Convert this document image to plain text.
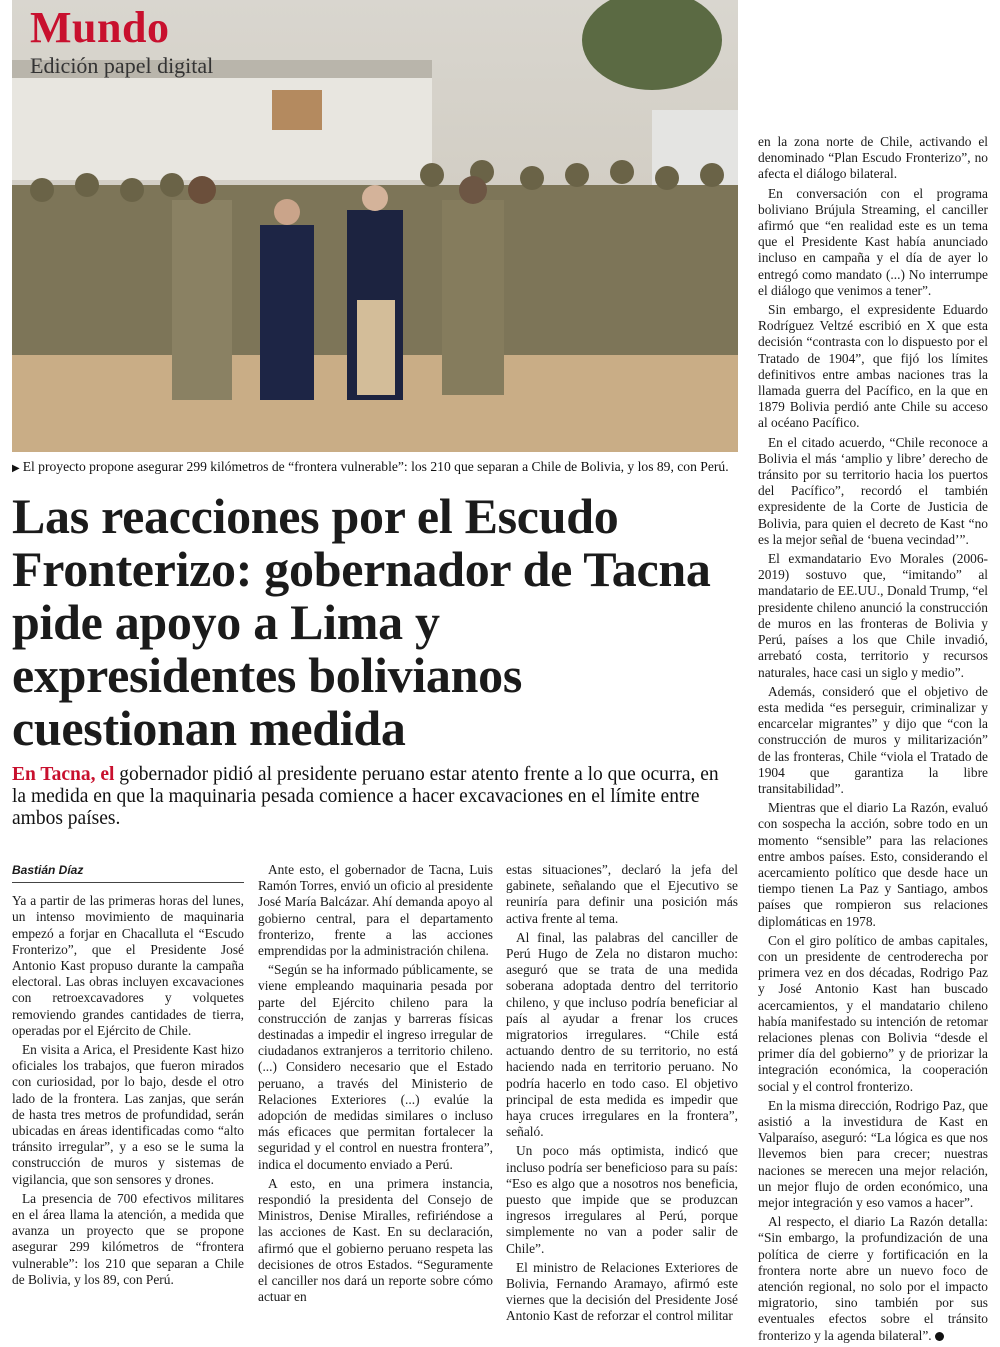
Mundo
Edición papel digital
▶ El proyecto propone asegurar 299 kilómetros de “frontera vulnerable”: los 210 que separan a Chile de Bolivia, y los 89, con Perú.
Las reacciones por el Escudo Fronterizo: gobernador de Tacna pide apoyo a Lima y expresidentes bolivianos cuestionan medida
En Tacna, el gobernador pidió al presidente peruano estar atento frente a lo que ocurra, en la medida en que la maquinaria pesada comience a hacer excavaciones en el límite entre ambos países.
Bastián Díaz

Ya a partir de las primeras horas del lunes, un intenso movimiento de maquinaria empezó a forjar en Chacalluta el “Escudo Fronterizo”, que el Presidente José Antonio Kast propuso durante la campaña electoral. Las obras incluyen excavaciones con retroexcavadores y volquetes removiendo grandes cantidades de tierra, operadas por el Ejército de Chile.

En visita a Arica, el Presidente Kast hizo oficiales los trabajos, que fueron mirados con curiosidad, por lo bajo, desde el otro lado de la frontera. Las zanjas, que serán de hasta tres metros de profundidad, serán ubicadas en áreas identificadas como “alto tránsito irregular”, y a eso se le suma la construcción de muros y sistemas de vigilancia, que son sensores y drones.

La presencia de 700 efectivos militares en el área llama la atención, a medida que avanza un proyecto que se propone asegurar 299 kilómetros de “frontera vulnerable”: los 210 que separan a Chile de Bolivia, y los 89, con Perú.

Ante esto, el gobernador de Tacna, Luis Ramón Torres, envió un oficio al presidente José María Balcázar. Ahí demanda apoyo al gobierno central, para el departamento fronterizo, frente a las acciones emprendidas por la administración chilena.

“Según se ha informado públicamente, se viene empleando maquinaria pesada por parte del Ejército chileno para la construcción de zanjas y barreras físicas destinadas a impedir el ingreso irregular de ciudadanos extranjeros a territorio chileno. (...) Considero necesario que el Estado peruano, a través del Ministerio de Relaciones Exteriores (...) evalúe la adopción de medidas similares o incluso más eficaces que permitan fortalecer la seguridad y el control en nuestra frontera”, indica el documento enviado a Perú.

A esto, en una primera instancia, respondió la presidenta del Consejo de Ministros, Denise Miralles, refiriéndose a las acciones de Kast. En su declaración, afirmó que el gobierno peruano respeta las decisiones de otros Estados. “Seguramente el canciller nos dará un reporte sobre cómo actuar en

estas situaciones”, declaró la jefa del gabinete, señalando que el Ejecutivo se reuniría para definir una posición más activa frente al tema.

Al final, las palabras del canciller de Perú Hugo de Zela no distaron mucho: aseguró que se trata de una medida soberana adoptada dentro del territorio chileno, y que incluso podría beneficiar al país al ayudar a frenar los cruces migratorios irregulares. “Chile está actuando dentro de su territorio, no está haciendo nada en territorio peruano. No podría hacerlo en todo caso. El objetivo principal de esta medida es impedir que haya cruces irregulares en la frontera”, señaló.

Un poco más optimista, indicó que incluso podría ser beneficioso para su país: “Eso es algo que a nosotros nos beneficia, puesto que impide que se produzcan ingresos irregulares al Perú, porque simplemente no van a poder salir de Chile”.

El ministro de Relaciones Exteriores de Bolivia, Fernando Aramayo, afirmó este viernes que la decisión del Presidente José Antonio Kast de reforzar el control militar

en la zona norte de Chile, activando el denominado “Plan Escudo Fronterizo”, no afecta el diálogo bilateral.

En conversación con el programa boliviano Brújula Streaming, el canciller afirmó que “en realidad este es un tema que el Presidente Kast había anunciado incluso en campaña y el día de ayer lo entregó como mandato (...) No interrumpe el diálogo que venimos a tener”.

Sin embargo, el expresidente Eduardo Rodríguez Veltzé escribió en X que esta decisión “contrasta con lo dispuesto por el Tratado de 1904”, que fijó los límites definitivos entre ambas naciones tras la llamada guerra del Pacífico, en la que en 1879 Bolivia perdió ante Chile su acceso al océano Pacífico.

En el citado acuerdo, “Chile reconoce a Bolivia el más ‘amplio y libre’ derecho de tránsito por su territorio hacia los puertos del Pacífico”, recordó el también expresidente de la Corte de Justicia de Bolivia, para quien el decreto de Kast “no es la mejor señal de ‘buena vecindad’”.

El exmandatario Evo Morales (2006-2019) sostuvo que, “imitando” al mandatario de EE.UU., Donald Trump, “el presidente chileno anunció la construcción de muros en las fronteras de Bolivia y Perú, países a los que Chile invadió, arrebató costa, territorio y recursos naturales, hace casi un siglo y medio”.

Además, consideró que el objetivo de esta medida “es perseguir, criminalizar y encarcelar migrantes” y dijo que “con la construcción de muros y militarización” de las fronteras, Chile “viola el Tratado de 1904 que garantiza la libre transitabilidad”.

Mientras que el diario La Razón, evaluó con sospecha la acción, sobre todo en un momento “sensible” para las relaciones entre ambos países. Esto, considerando el acercamiento político que desde hace un tiempo tienen La Paz y Santiago, ambos países que rompieron sus relaciones diplomáticas en 1978.

Con el giro político de ambas capitales, con un presidente de centroderecha por primera vez en dos décadas, Rodrigo Paz y José Antonio Kast han buscado acercamientos, y el mandatario chileno había manifestado su intención de retomar relaciones plenas con Bolivia “desde el primer día del gobierno” y de priorizar la integración económica, la cooperación social y el control fronterizo.

En la misma dirección, Rodrigo Paz, que asistió a la investidura de Kast en Valparaíso, aseguró: “La lógica es que nos llevemos bien para crecer; nuestras naciones se merecen una mejor relación, un mejor flujo de orden económico, una mejor integración y eso vamos a hacer”.

Al respecto, el diario La Razón detalla: “Sin embargo, la profundización de una política de cierre y fortificación en la frontera norte abre un nuevo foco de atención regional, no solo por el impacto migratorio, sino también por sus eventuales efectos sobre el tránsito fronterizo y la agenda bilateral”.
